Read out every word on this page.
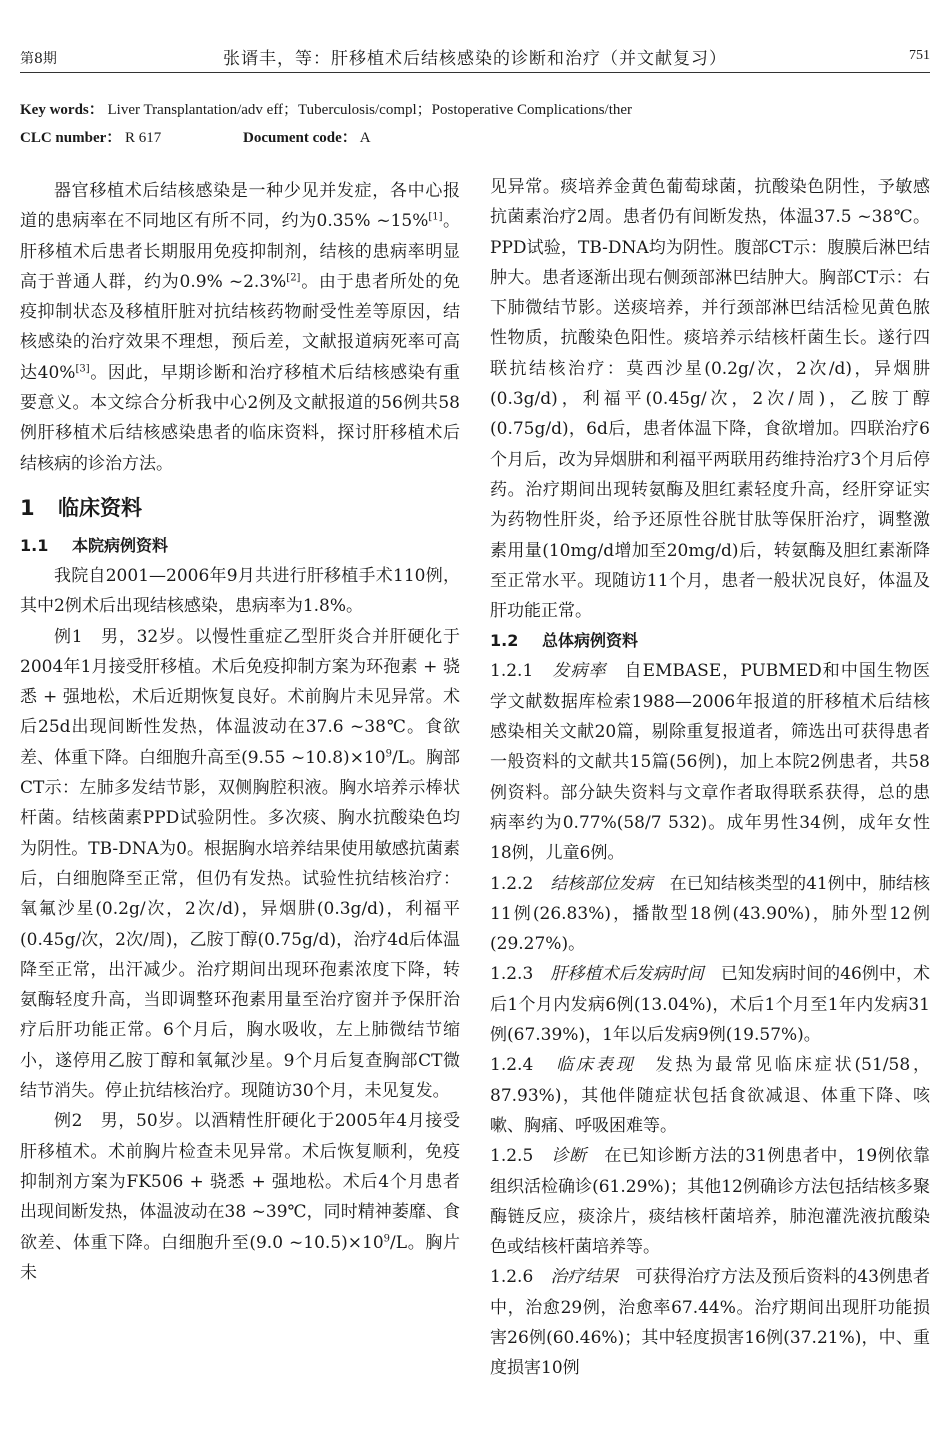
第8期	张谞丰，等：肝移植术后结核感染的诊断和治疗（并文献复习）	751
Key words： Liver Transplantation/adv eff；Tuberculosis/compl；Postoperative Complications/ther
CLC number： R 617	Document code： A

器官移植术后结核感染是一种少见并发症，各中心报道的患病率在不同地区有所不同，约为0.35% ~15%[1]。肝移植术后患者长期服用免疫抑制剂，结核的患病率明显高于普通人群，约为0.9% ~2.3%[2]。由于患者所处的免疫抑制状态及移植肝脏对抗结核药物耐受性差等原因，结核感染的治疗效果不理想，预后差，文献报道病死率可高达40%[3]。因此，早期诊断和治疗移植术后结核感染有重要意义。本文综合分析我中心2例及文献报道的56例共58例肝移植术后结核感染患者的临床资料，探讨肝移植术后结核病的诊治方法。

1 临床资料
1.1 本院病例资料

我院自2001—2006年9月共进行肝移植手术110例，其中2例术后出现结核感染，患病率为1.8%。

例1　男，32岁。以慢性重症乙型肝炎合并肝硬化于2004年1月接受肝移植。术后免疫抑制方案为环孢素 + 骁悉 + 强地松，术后近期恢复良好。术前胸片未见异常。术后25d出现间断性发热，体温波动在37.6 ~38℃。食欲差、体重下降。白细胞升高至(9.55 $\sim 10.8)\times 10^9/L$。胸部CT示：左肺多发结节影，双侧胸腔积液。胸水培养示棒状杆菌。结核菌素PPD试验阴性。多次痰、胸水抗酸染色均为阴性。TB-DNA为0。根据胸水培养结果使用敏感抗菌素后，白细胞降至正常，但仍有发热。试验性抗结核治疗：氧氟沙星(0.2g/次，2次/d)，异烟肼(0.3g/d)，利福平(0.45g/次，2次/周)，乙胺丁醇(0.75g/d)，治疗4d后体温降至正常，出汗减少。治疗期间出现环孢素浓度下降，转氨酶轻度升高，当即调整环孢素用量至治疗窗并予保肝治疗后肝功能正常。6个月后，胸水吸收，左上肺微结节缩小，遂停用乙胺丁醇和氧氟沙星。9个月后复查胸部CT微结节消失。停止抗结核治疗。现随访30个月，未见复发。

例2　男，50岁。以酒精性肝硬化于2005年4月接受肝移植术。术前胸片检查未见异常。术后恢复顺利，免疫抑制剂方案为FK506 + 骁悉 + 强地松。术后4个月患者出现间断发热，体温波动在38 ~39℃，同时精神萎靡、食欲差、体重下降。白细胞升至(9.0 $\sim 10.5)\times 10^9/L$。胸片未

见异常。痰培养金黄色葡萄球菌，抗酸染色阴性，予敏感抗菌素治疗2周。患者仍有间断发热，体温37.5 ~38℃。PPD试验，TB-DNA均为阴性。腹部CT示：腹膜后淋巴结肿大。患者逐渐出现右侧颈部淋巴结肿大。胸部CT示：右下肺微结节影。送痰培养，并行颈部淋巴结活检见黄色脓性物质，抗酸染色阳性。痰培养示结核杆菌生长。遂行四联抗结核治疗：莫西沙星(0.2g/次，2次/d)，异烟肼(0.3g/d)，利福平(0.45g/次，2次/周)，乙胺丁醇(0.75g/d)，6d后，患者体温下降，食欲增加。四联治疗6个月后，改为异烟肼和利福平两联用药维持治疗3个月后停药。治疗期间出现转氨酶及胆红素轻度升高，经肝穿证实为药物性肝炎，给予还原性谷胱甘肽等保肝治疗，调整激素用量(10mg/d增加至20mg/d)后，转氨酶及胆红素渐降至正常水平。现随访11个月，患者一般状况良好，体温及肝功能正常。

1.2 总体病例资料

1.2.1　 发病率　 自EMBASE，PUBMED和中国生物医学文献数据库检索1988—2006年报道的肝移植术后结核感染相关文献20篇，剔除重复报道者，筛选出可获得患者一般资料的文献共15篇(56例)，加上本院2例患者，共58例资料。部分缺失资料与文章作者取得联系获得，总的患病率约为0.77%(58/7 532)。成年男性34例，成年女性18例，儿童6例。

1.2.2　 结核部位发病　 在已知结核类型的41例中，肺结核11例(26.83%)，播散型18例(43.90%)，肺外型12例(29.27%)。

1.2.3　 肝移植术后发病时间　 已知发病时间的46例中，术后1个月内发病6例(13.04%)，术后1个月至1年内发病31例(67.39%)，1年以后发病9例(19.57%)。

1.2.4　 临床表现　 发热为最常见临床症状(51/58，87.93%)，其他伴随症状包括食欲减退、体重下降、咳嗽、胸痛、呼吸困难等。

1.2.5　 诊断　 在已知诊断方法的31例患者中，19例依靠组织活检确诊(61.29%)；其他12例确诊方法包括结核多聚酶链反应，痰涂片，痰结核杆菌培养，肺泡灌洗液抗酸染色或结核杆菌培养等。

1.2.6　 治疗结果　 可获得治疗方法及预后资料的43例患者中，治愈29例，治愈率67.44%。治疗期间出现肝功能损害26例(60.46%)；其中轻度损害16例(37.21%)，中、重度损害10例
